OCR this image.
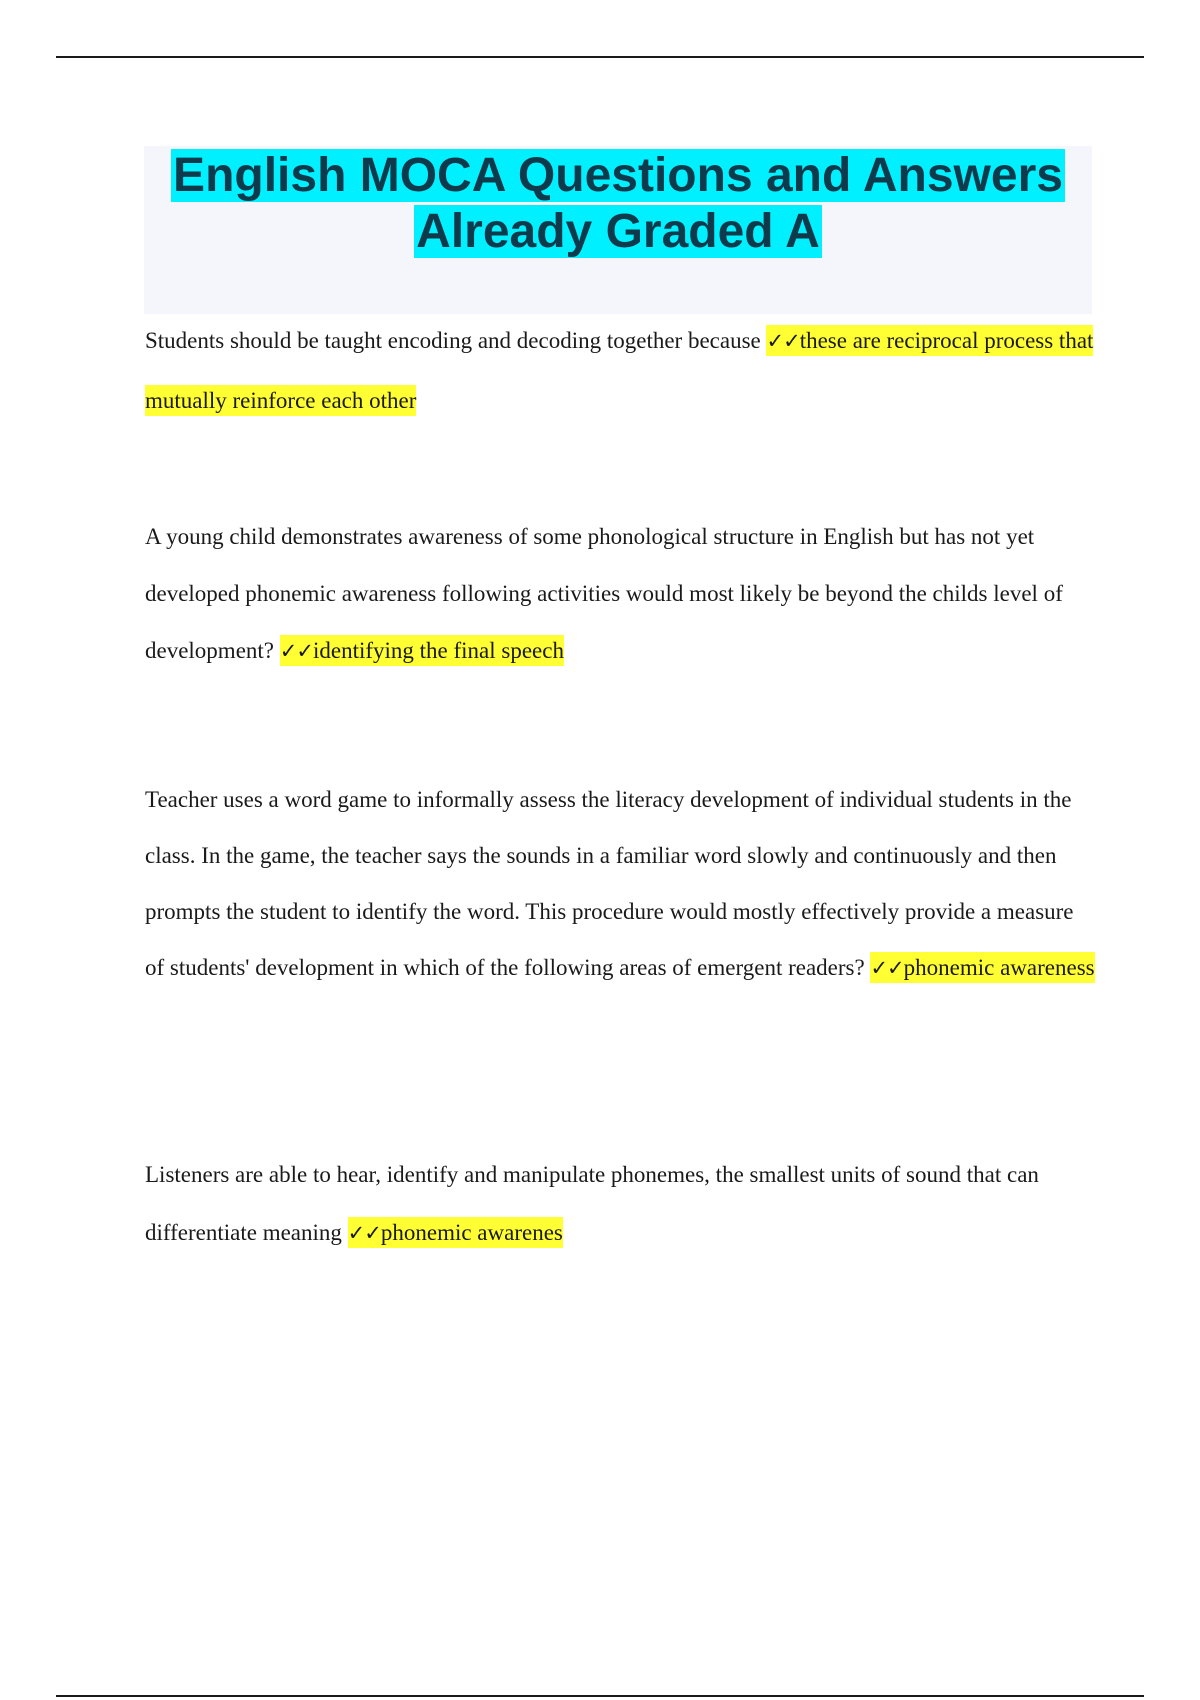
English MOCA Questions and Answers
Already Graded A

Students should be taught encoding and decoding together because ✓✓these are reciprocal process that mutually reinforce each other

A young child demonstrates awareness of some phonological structure in English but has not yet developed phonemic awareness following activities would most likely be beyond the childs level of development? ✓✓identifying the final speech

Teacher uses a word game to informally assess the literacy development of individual students in the class. In the game, the teacher says the sounds in a familiar word slowly and continuously and then prompts the student to identify the word. This procedure would mostly effectively provide a measure of students' development in which of the following areas of emergent readers? ✓✓phonemic awareness

Listeners are able to hear, identify and manipulate phonemes, the smallest units of sound that can differentiate meaning ✓✓phonemic awarenes
